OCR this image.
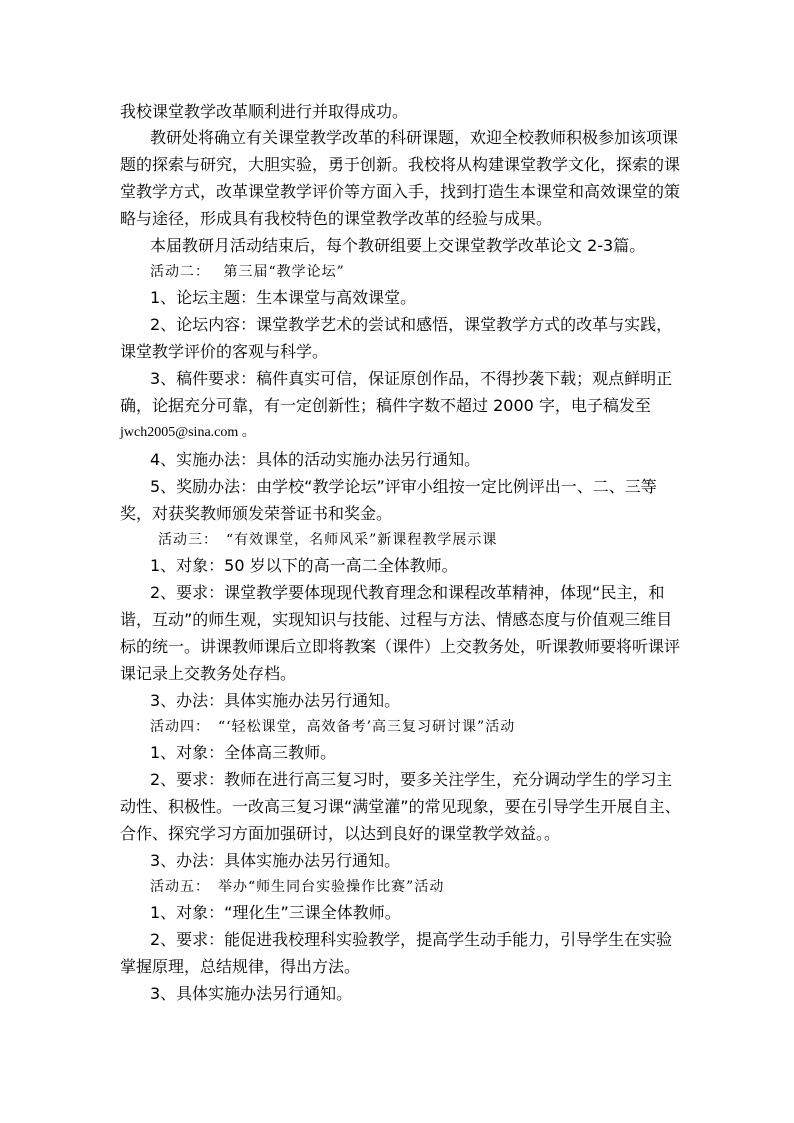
我校课堂教学改革顺利进行并取得成功。
教研处将确立有关课堂教学改革的科研课题，欢迎全校教师积极参加该项课
题的探索与研究，大胆实验，勇于创新。我校将从构建课堂教学文化，探索的课
堂教学方式，改革课堂教学评价等方面入手，找到打造生本课堂和高效课堂的策
略与途径，形成具有我校特色的课堂教学改革的经验与成果。
本届教研月活动结束后，每个教研组要上交课堂教学改革论文 2-3篇。
活动二：　 第三届“教学论坛”
1、论坛主题：生本课堂与高效课堂。
2、论坛内容：课堂教学艺术的尝试和感悟，课堂教学方式的改革与实践，
课堂教学评价的客观与科学。
3、稿件要求：稿件真实可信，保证原创作品，不得抄袭下载；观点鲜明正
确，论据充分可靠，有一定创新性；稿件字数不超过 2000 字，电子稿发至
jwch2005@sina.com 。
4、实施办法：具体的活动实施办法另行通知。
5、奖励办法：由学校“教学论坛”评审小组按一定比例评出一、二、三等
奖，对获奖教师颁发荣誉证书和奖金。
活动三：　“有效课堂，名师风采”新课程教学展示课
1、对象：50 岁以下的高一高二全体教师。
2、要求：课堂教学要体现现代教育理念和课程改革精神，体现“民主，和
谐，互动”的师生观，实现知识与技能、过程与方法、情感态度与价值观三维目
标的统一。讲课教师课后立即将教案（课件）上交教务处，听课教师要将听课评
课记录上交教务处存档。
3、办法：具体实施办法另行通知。
活动四：　“‘轻松课堂，高效备考’高三复习研讨课”活动
1、对象：全体高三教师。
2、要求：教师在进行高三复习时，要多关注学生，充分调动学生的学习主
动性、积极性。一改高三复习课“满堂灌”的常见现象，要在引导学生开展自主、
合作、探究学习方面加强研讨，以达到良好的课堂教学效益。。
3、办法：具体实施办法另行通知。
活动五：　举办“师生同台实验操作比赛”活动
1、对象：“理化生”三课全体教师。
2、要求：能促进我校理科实验教学，提高学生动手能力，引导学生在实验
掌握原理，总结规律，得出方法。
3、具体实施办法另行通知。
